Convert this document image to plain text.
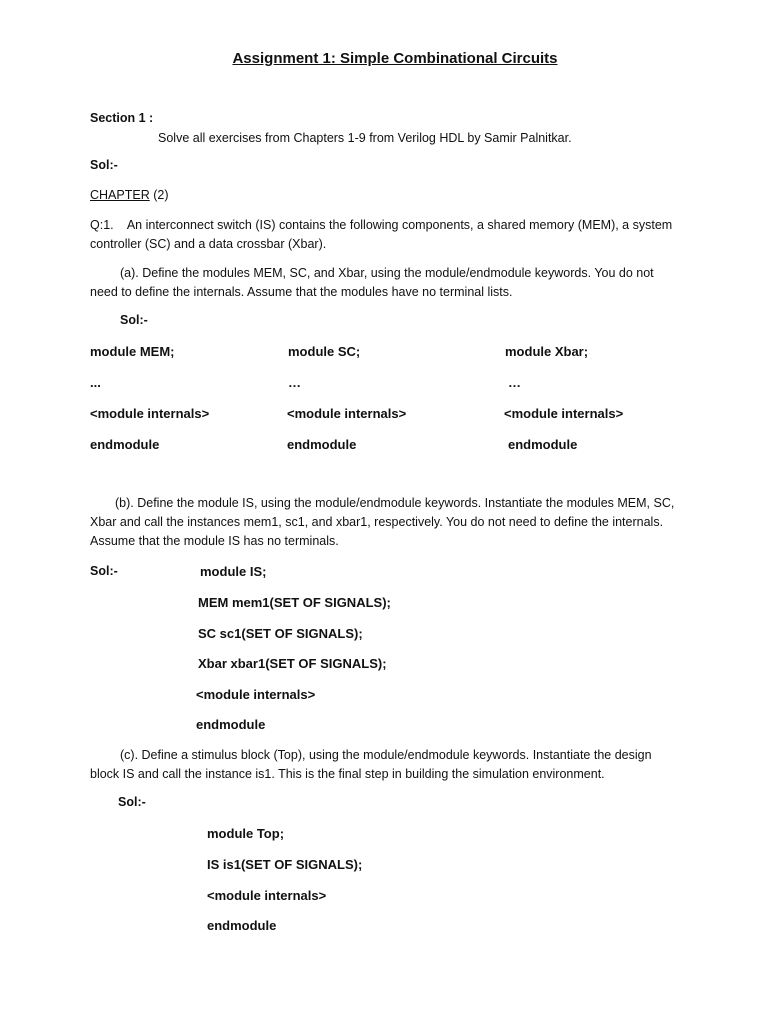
Assignment 1: Simple Combinational Circuits
Section 1 :
Solve all exercises from Chapters 1-9 from Verilog HDL by Samir Palnitkar.
Sol:-
CHAPTER (2)
Q:1. An interconnect switch (IS) contains the following components, a shared memory (MEM), a system controller (SC) and a data crossbar (Xbar).
(a). Define the modules MEM, SC, and Xbar, using the module/endmodule keywords. You do not need to define the internals. Assume that the modules have no terminal lists.
Sol:-
module MEM;
...
<module internals>
endmodule
module SC;
…
<module internals>
endmodule
module Xbar;
…
<module internals>
endmodule
(b). Define the module IS, using the module/endmodule keywords. Instantiate the modules MEM, SC, Xbar and call the instances mem1, sc1, and xbar1, respectively. You do not need to define the internals. Assume that the module IS has no terminals.
Sol:-	module IS;
MEM mem1(SET OF SIGNALS);
SC sc1(SET OF SIGNALS);
Xbar xbar1(SET OF SIGNALS);
<module internals>
endmodule
(c). Define a stimulus block (Top), using the module/endmodule keywords. Instantiate the design block IS and call the instance is1. This is the final step in building the simulation environment.
Sol:-
module Top;
IS is1(SET OF SIGNALS);
<module internals>
endmodule
